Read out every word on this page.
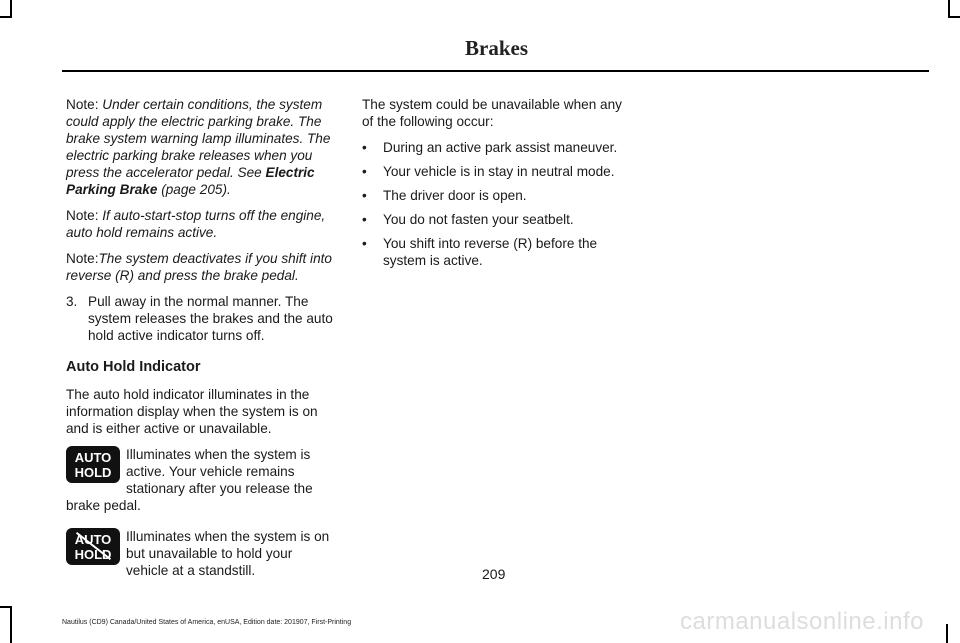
Brakes

Note: Under certain conditions, the system could apply the electric parking brake. The brake system warning lamp illuminates. The electric parking brake releases when you press the accelerator pedal. See Electric Parking Brake (page 205).

Note: If auto-start-stop turns off the engine, auto hold remains active.

Note:The system deactivates if you shift into reverse (R) and press the brake pedal.

3. Pull away in the normal manner. The system releases the brakes and the auto hold active indicator turns off.
Auto Hold Indicator

The auto hold indicator illuminates in the information display when the system is on and is either active or unavailable.

AUTO
HOLD
Illuminates when the system is active. Your vehicle remains stationary after you release the brake pedal.
AUTO
HOLD
Illuminates when the system is on but unavailable to hold your vehicle at a standstill.

The system could be unavailable when any of the following occur:

•	During an active park assist maneuver.
•	Your vehicle is in stay in neutral mode.
•	The driver door is open.
•	You do not fasten your seatbelt.
•	You shift into reverse (R) before the system is active.
209
Nautilus (CD9) Canada/United States of America, enUSA, Edition date: 201907, First-Printing	carmanualsonline.info
